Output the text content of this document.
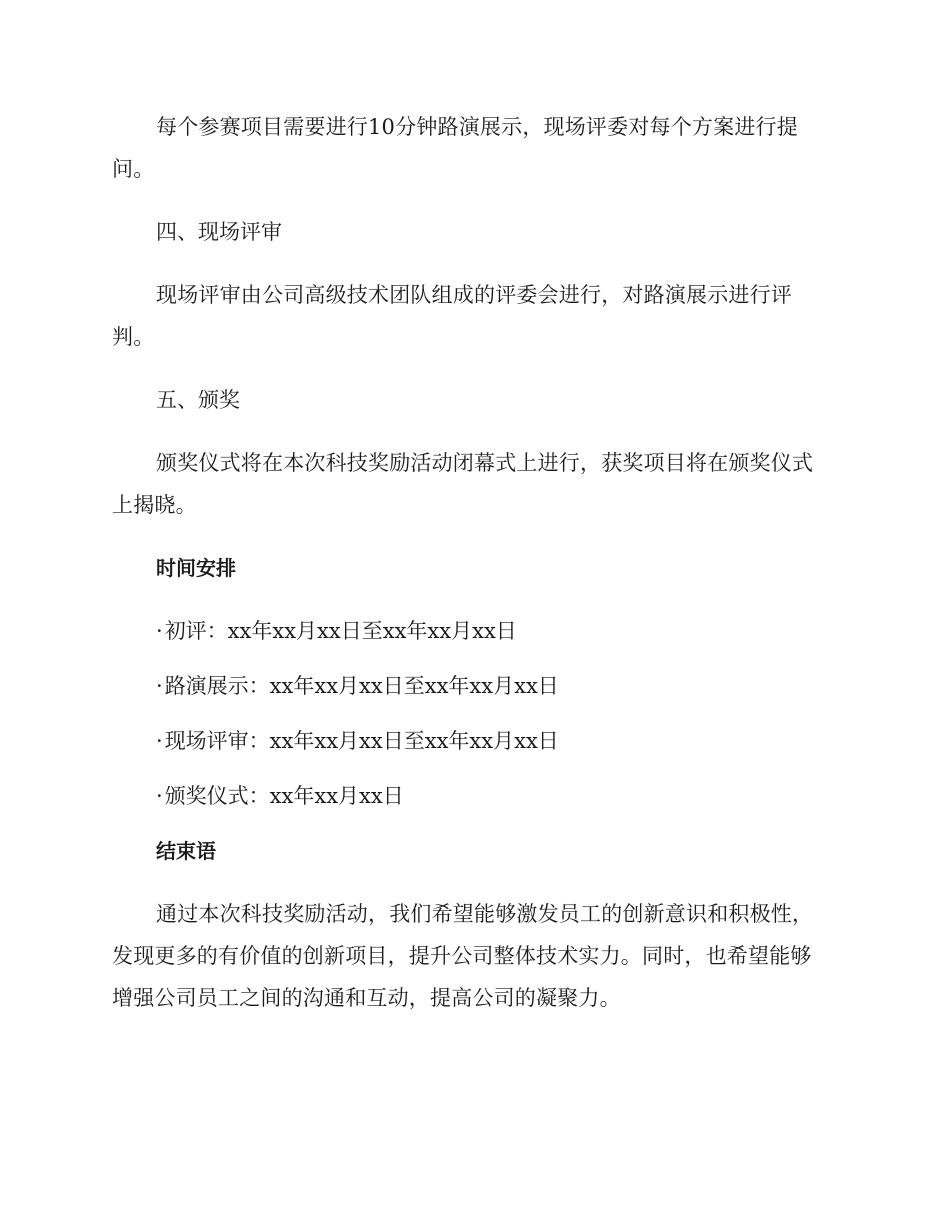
每个参赛项目需要进行10分钟路演展示，现场评委对每个方案进行提问。

四、现场评审

现场评审由公司高级技术团队组成的评委会进行，对路演展示进行评判。

五、颁奖

颁奖仪式将在本次科技奖励活动闭幕式上进行，获奖项目将在颁奖仪式上揭晓。

时间安排

·初评：xx年xx月xx日至xx年xx月xx日

·路演展示：xx年xx月xx日至xx年xx月xx日

·现场评审：xx年xx月xx日至xx年xx月xx日

·颁奖仪式：xx年xx月xx日

结束语

通过本次科技奖励活动，我们希望能够激发员工的创新意识和积极性，发现更多的有价值的创新项目，提升公司整体技术实力。同时，也希望能够增强公司员工之间的沟通和互动，提高公司的凝聚力。
